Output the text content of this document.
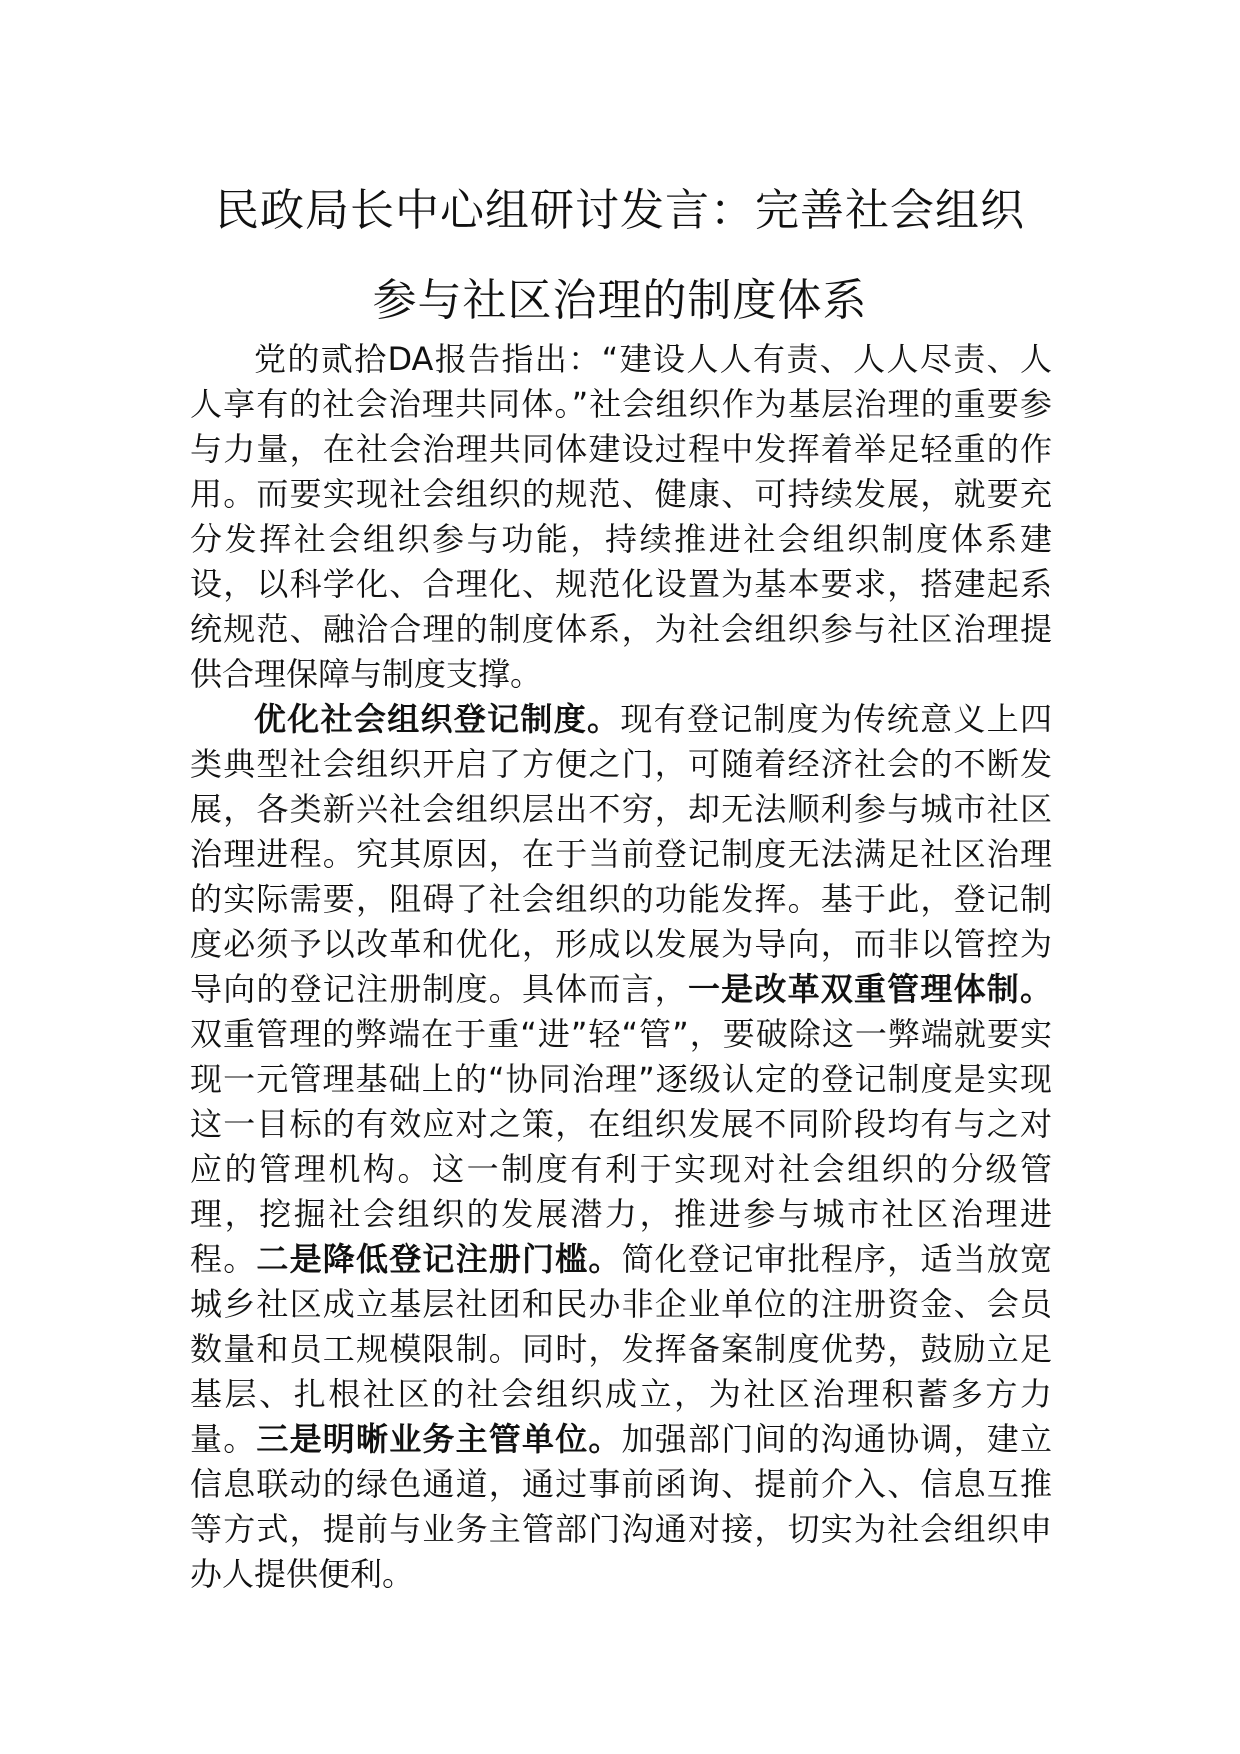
民政局长中心组研讨发言：完善社会组织
参与社区治理的制度体系

党的贰拾DA报告指出：“建设人人有责、人人尽责、人人享有的社会治理共同体。”社会组织作为基层治理的重要参与力量，在社会治理共同体建设过程中发挥着举足轻重的作用。而要实现社会组织的规范、健康、可持续发展，就要充分发挥社会组织参与功能，持续推进社会组织制度体系建设，以科学化、合理化、规范化设置为基本要求，搭建起系统规范、融洽合理的制度体系，为社会组织参与社区治理提供合理保障与制度支撑。

优化社会组织登记制度。现有登记制度为传统意义上四类典型社会组织开启了方便之门，可随着经济社会的不断发展，各类新兴社会组织层出不穷，却无法顺利参与城市社区治理进程。究其原因，在于当前登记制度无法满足社区治理的实际需要，阻碍了社会组织的功能发挥。基于此，登记制度必须予以改革和优化，形成以发展为导向，而非以管控为导向的登记注册制度。具体而言，一是改革双重管理体制。双重管理的弊端在于重“进”轻“管”，要破除这一弊端就要实现一元管理基础上的“协同治理”逐级认定的登记制度是实现这一目标的有效应对之策，在组织发展不同阶段均有与之对应的管理机构。这一制度有利于实现对社会组织的分级管理，挖掘社会组织的发展潜力，推进参与城市社区治理进程。二是降低登记注册门槛。简化登记审批程序，适当放宽城乡社区成立基层社团和民办非企业单位的注册资金、会员数量和员工规模限制。同时，发挥备案制度优势，鼓励立足基层、扎根社区的社会组织成立，为社区治理积蓄多方力量。三是明晰业务主管单位。加强部门间的沟通协调，建立信息联动的绿色通道，通过事前函询、提前介入、信息互推等方式，提前与业务主管部门沟通对接，切实为社会组织申办人提供便利。
